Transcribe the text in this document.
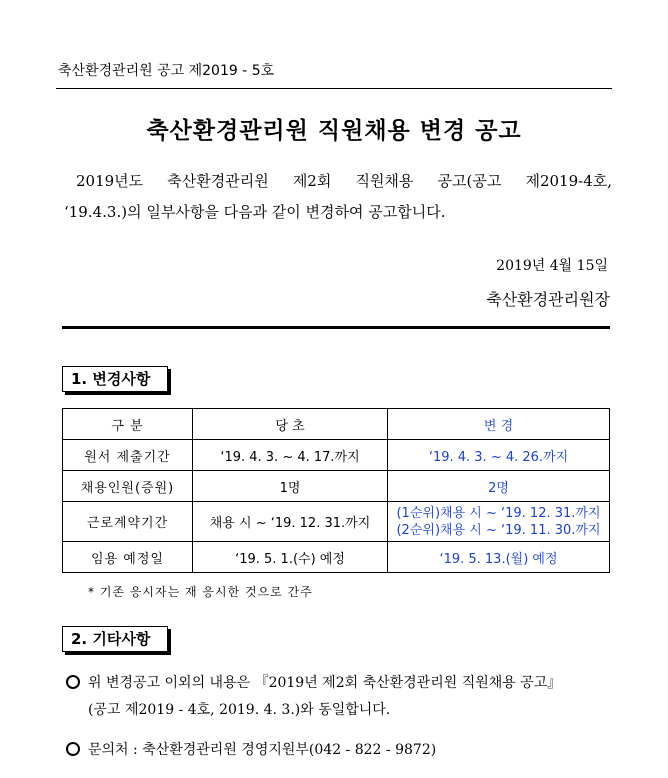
축산환경관리원 공고 제2019 - 5호
축산환경관리원 직원채용 변경 공고

2019년도 축산환경관리원 제2회 직원채용 공고(공고 제2019-4호,

‘19.4.3.)의 일부사항을 다음과 같이 변경하여 공고합니다.

2019년 4월 15일
축산환경관리원장
1. 변경사항
구 분	당 초	변 경
원서 제출기간	‘19. 4. 3. ~ 4. 17.까지	‘19. 4. 3. ~ 4. 26.까지
채용인원(증원)	1명	2명
근로계약기간	채용 시 ~ ‘19. 12. 31.까지	(1순위)채용 시 ~ ‘19. 12. 31.까지
(2순위)채용 시 ~ ‘19. 11. 30.까지

임용 예정일	‘19. 5. 1.(수) 예정	‘19. 5. 13.(월) 예정
* 기존 응시자는 재 응시한 것으로 간주
2. 기타사항
위 변경공고 이외의 내용은 『2019년 제2회 축산환경관리원 직원채용 공고』
(공고 제2019 - 4호, 2019. 4. 3.)와 동일합니다.
문의처 : 축산환경관리원 경영지원부(042 - 822 - 9872)
